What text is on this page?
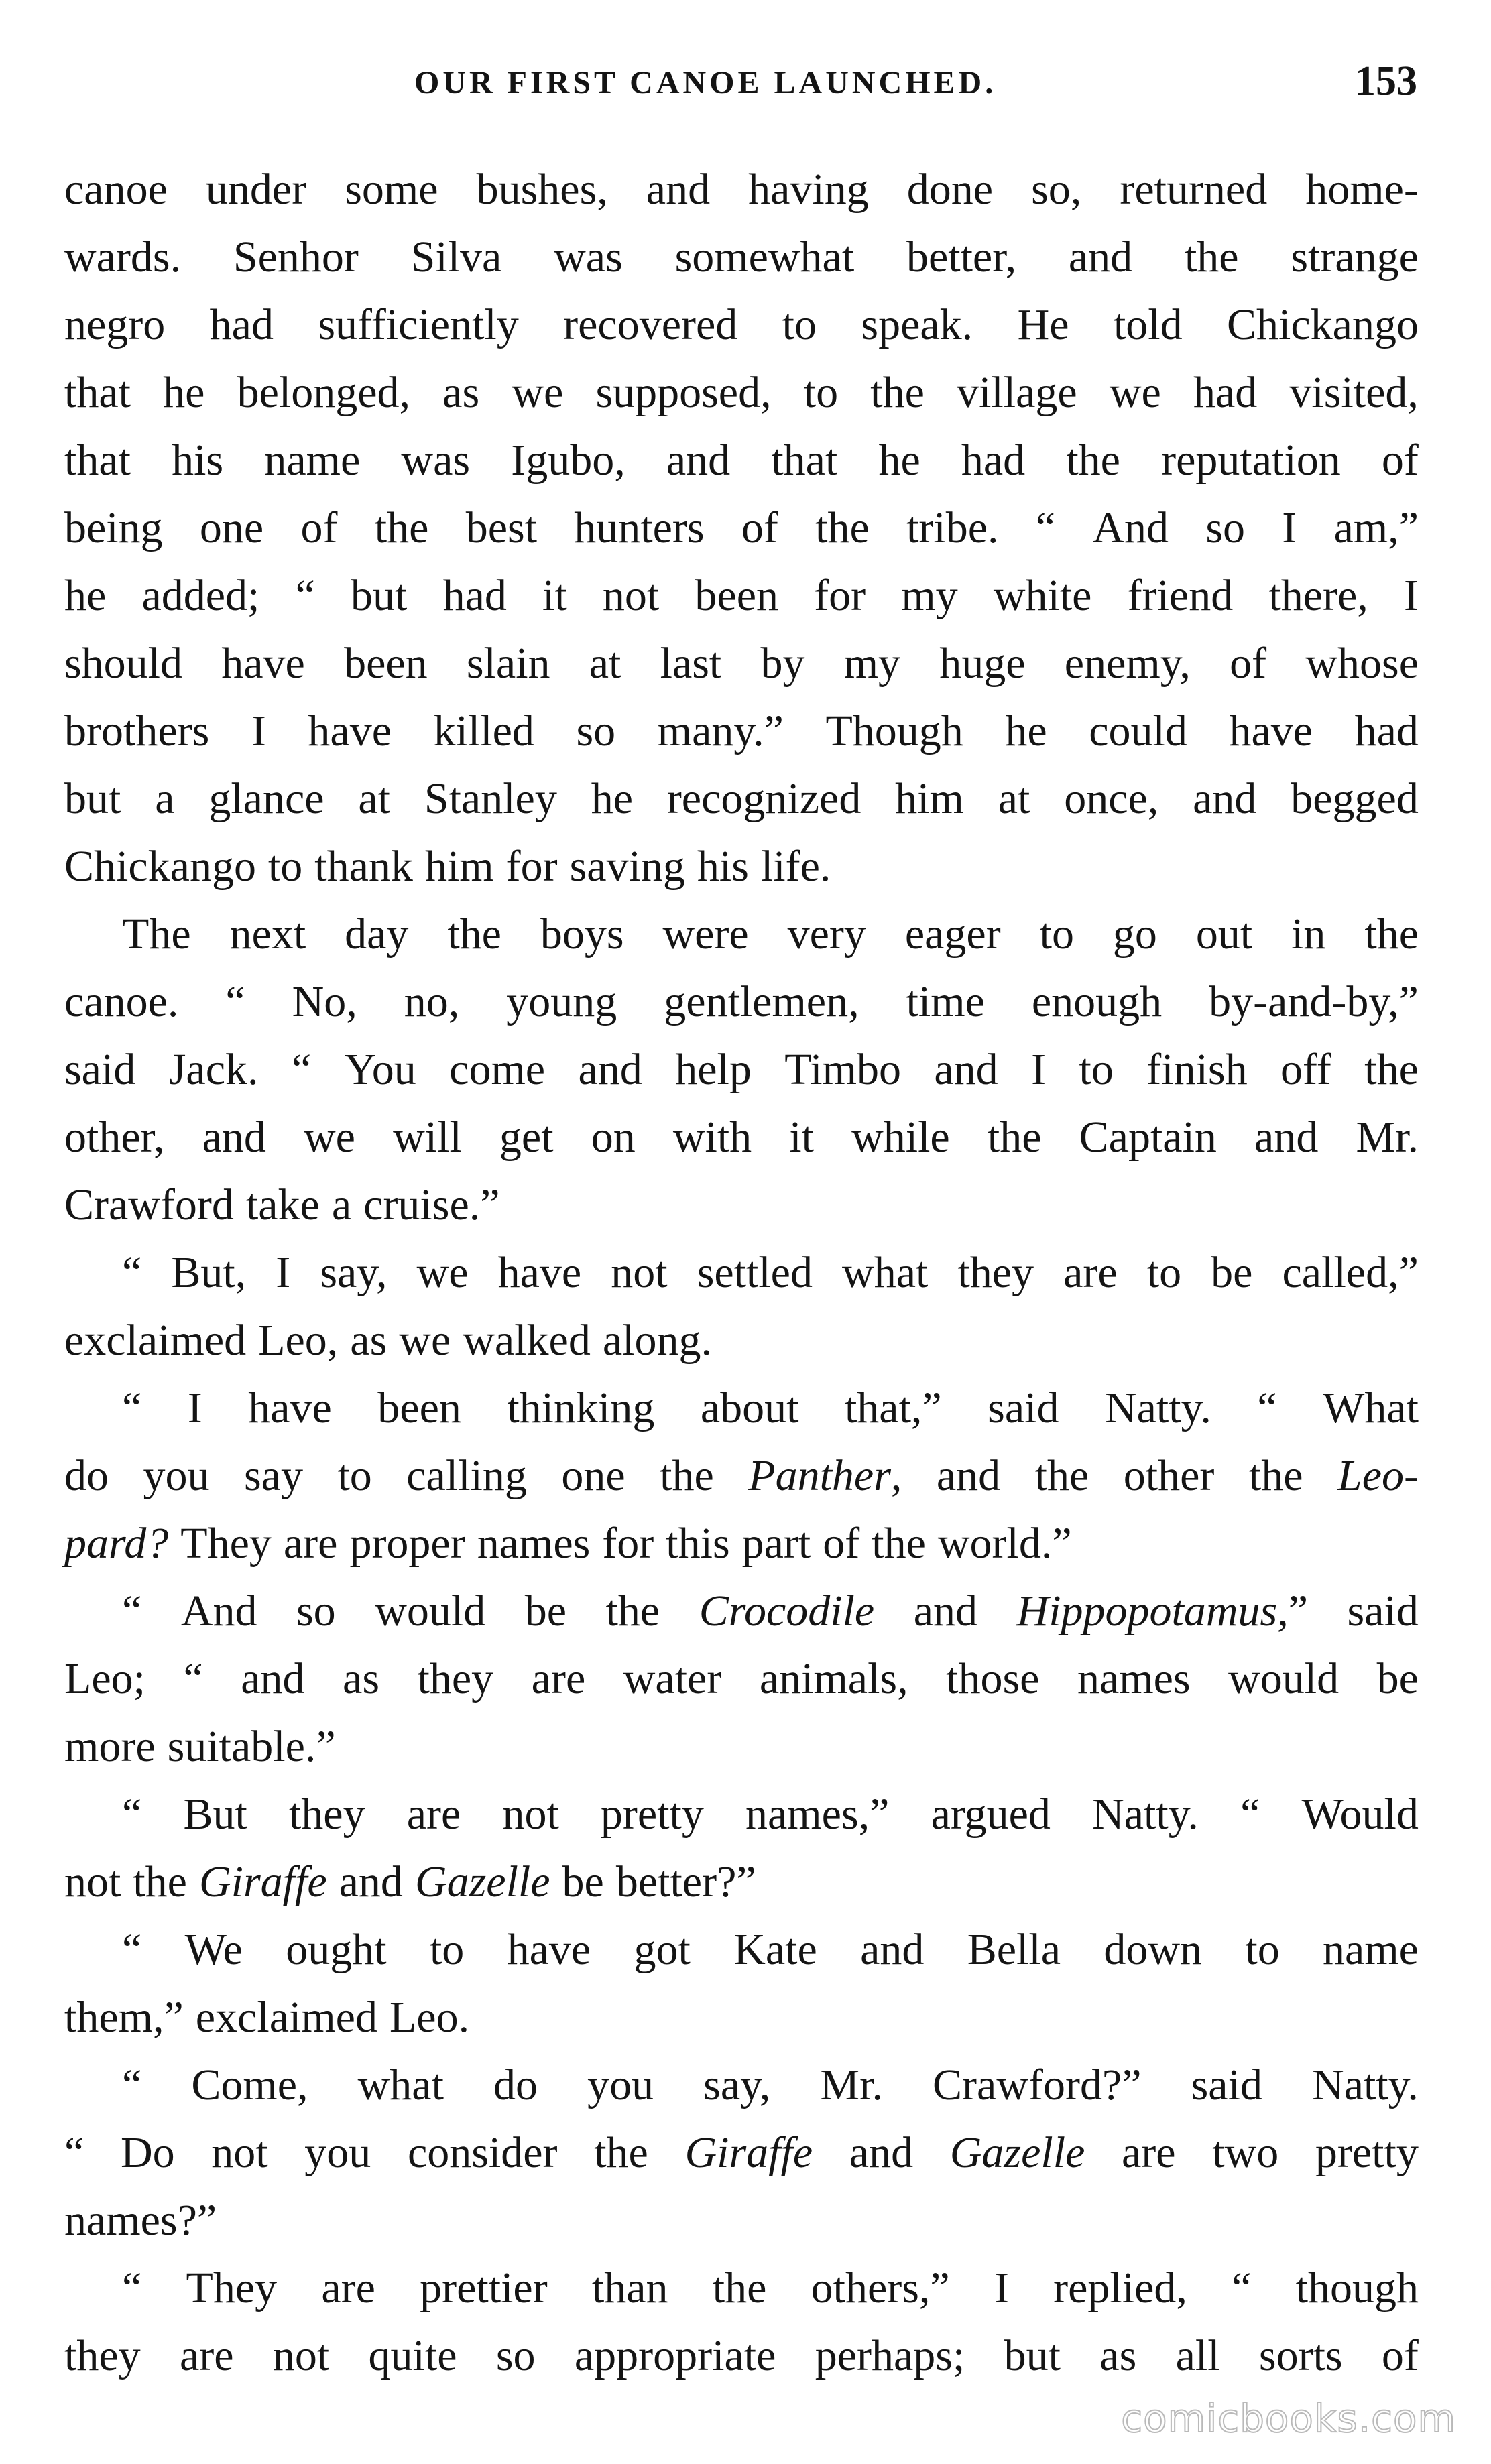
OUR FIRST CANOE LAUNCHED.	153
canoe under some bushes, and having done so, returned home-
wards. Senhor Silva was somewhat better, and the strange
negro had sufficiently recovered to speak. He told Chickango
that he belonged, as we supposed, to the village we had visited,
that his name was Igubo, and that he had the reputation of
being one of the best hunters of the tribe. “ And so I am,”
he added; “ but had it not been for my white friend there, I
should have been slain at last by my huge enemy, of whose
brothers I have killed so many.” Though he could have had
but a glance at Stanley he recognized him at once, and begged
Chickango to thank him for saving his life.
The next day the boys were very eager to go out in the
canoe. “ No, no, young gentlemen, time enough by-and-by,”
said Jack. “ You come and help Timbo and I to finish off the
other, and we will get on with it while the Captain and Mr.
Crawford take a cruise.”
“ But, I say, we have not settled what they are to be called,”
exclaimed Leo, as we walked along.
“ I have been thinking about that,” said Natty. “ What
do you say to calling one the Panther, and the other the Leo-
pard? They are proper names for this part of the world.”
“ And so would be the Crocodile and Hippopotamus,” said
Leo; “ and as they are water animals, those names would be
more suitable.”
“ But they are not pretty names,” argued Natty. “ Would
not the Giraffe and Gazelle be better?”
“ We ought to have got Kate and Bella down to name
them,” exclaimed Leo.
“ Come, what do you say, Mr. Crawford?” said Natty.
“ Do not you consider the Giraffe and Gazelle are two pretty
names?”
“ They are prettier than the others,” I replied, “ though
they are not quite so appropriate perhaps; but as all sorts of
comicbooks.com
